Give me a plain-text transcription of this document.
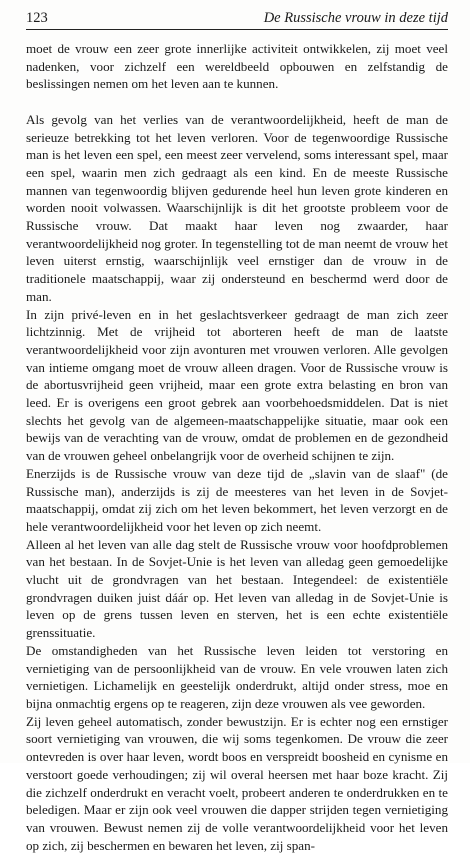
123	De Russische vrouw in deze tijd

moet de vrouw een zeer grote innerlijke activiteit ontwikkelen, zij moet veel nadenken, voor zichzelf een wereldbeeld opbouwen en zelfstandig de beslissingen nemen om het leven aan te kunnen.

Als gevolg van het verlies van de verantwoordelijkheid, heeft de man de serieuze betrekking tot het leven verloren. Voor de tegenwoordige Russische man is het leven een spel, een meest zeer vervelend, soms interessant spel, maar een spel, waarin men zich gedraagt als een kind. En de meeste Russische mannen van tegenwoordig blijven gedurende heel hun leven grote kinderen en worden nooit volwassen. Waarschijnlijk is dit het grootste probleem voor de Russische vrouw. Dat maakt haar leven nog zwaarder, haar verantwoordelijkheid nog groter. In tegenstelling tot de man neemt de vrouw het leven uiterst ernstig, waarschijnlijk veel ernstiger dan de vrouw in de traditionele maatschappij, waar zij ondersteund en beschermd werd door de man.

In zijn privé-leven en in het geslachtsverkeer gedraagt de man zich zeer lichtzinnig. Met de vrijheid tot aborteren heeft de man de laatste verantwoordelijkheid voor zijn avonturen met vrouwen verloren. Alle gevolgen van intieme omgang moet de vrouw alleen dragen. Voor de Russische vrouw is de abortusvrijheid geen vrijheid, maar een grote extra belasting en bron van leed. Er is overigens een groot gebrek aan voorbehoedsmiddelen. Dat is niet slechts het gevolg van de algemeen-maatschappelijke situatie, maar ook een bewijs van de verachting van de vrouw, omdat de problemen en de gezondheid van de vrouwen geheel onbelangrijk voor de overheid schijnen te zijn.

Enerzijds is de Russische vrouw van deze tijd de „slavin van de slaaf" (de Russische man), anderzijds is zij de meesteres van het leven in de Sovjet-maatschappij, omdat zij zich om het leven bekommert, het leven verzorgt en de hele verantwoordelijkheid voor het leven op zich neemt.

Alleen al het leven van alle dag stelt de Russische vrouw voor hoofdproblemen van het bestaan. In de Sovjet-Unie is het leven van alledag geen gemoedelijke vlucht uit de grondvragen van het bestaan. Integendeel: de existentiële grondvragen duiken juist dáár op. Het leven van alledag in de Sovjet-Unie is leven op de grens tussen leven en sterven, het is een echte existentiële grenssituatie.

De omstandigheden van het Russische leven leiden tot verstoring en vernietiging van de persoonlijkheid van de vrouw. En vele vrouwen laten zich vernietigen. Lichamelijk en geestelijk onderdrukt, altijd onder stress, moe en bijna onmachtig ergens op te reageren, zijn deze vrouwen als vee geworden.

Zij leven geheel automatisch, zonder bewustzijn. Er is echter nog een ernstiger soort vernietiging van vrouwen, die wij soms tegenkomen. De vrouw die zeer ontevreden is over haar leven, wordt boos en verspreidt boosheid en cynisme en verstoort goede verhoudingen; zij wil overal heersen met haar boze kracht. Zij die zichzelf onderdrukt en veracht voelt, probeert anderen te onderdrukken en te beledigen. Maar er zijn ook veel vrouwen die dapper strijden tegen vernietiging van vrouwen. Bewust nemen zij de volle verantwoordelijkheid voor het leven op zich, zij beschermen en bewaren het leven, zij span-
